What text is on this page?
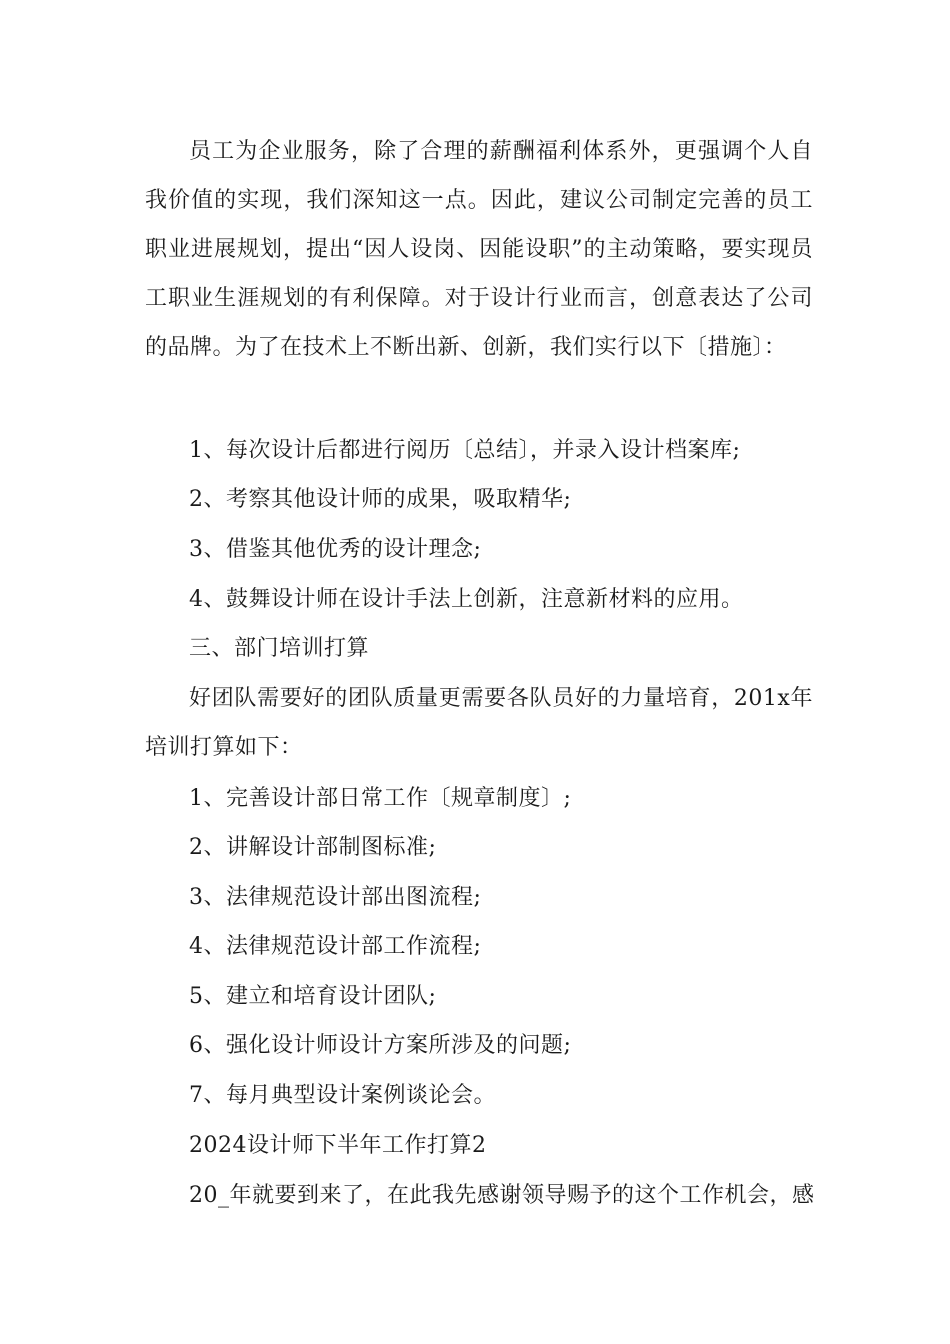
员工为企业服务，除了合理的薪酬福利体系外，更强调个人自我价值的实现，我们深知这一点。因此，建议公司制定完善的员工职业进展规划，提出“因人设岗、因能设职”的主动策略，要实现员工职业生涯规划的有利保障。对于设计行业而言，创意表达了公司的品牌。为了在技术上不断出新、创新，我们实行以下〔措施〕：

1、每次设计后都进行阅历〔总结〕，并录入设计档案库;
2、考察其他设计师的成果，吸取精华;
3、借鉴其他优秀的设计理念;
4、鼓舞设计师在设计手法上创新，注意新材料的应用。
三、部门培训打算

好团队需要好的团队质量更需要各队员好的力量培育，201x年培训打算如下：

1、完善设计部日常工作〔规章制度〕;
2、讲解设计部制图标准;
3、法律规范设计部出图流程;
4、法律规范设计部工作流程;
5、建立和培育设计团队;
6、强化设计师设计方案所涉及的问题;
7、每月典型设计案例谈论会。
2024设计师下半年工作打算2
20_年就要到来了，在此我先感谢领导赐予的这个工作机会，感
